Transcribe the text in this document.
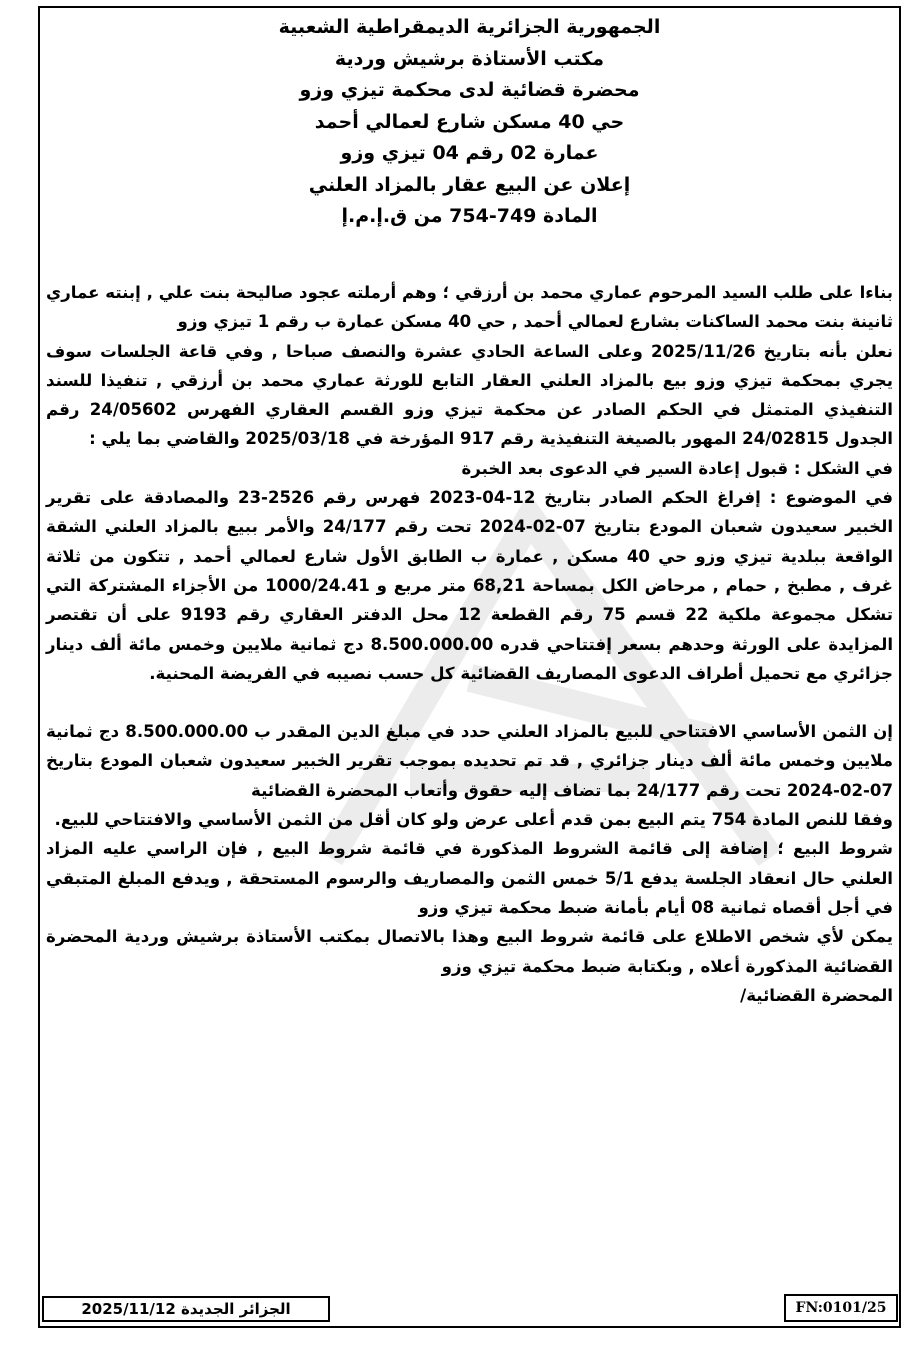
الجمهورية الجزائرية الديمقراطية الشعبية
مكتب الأستاذة برشيش وردية
محضرة قضائية لدى محكمة تيزي وزو
حي 40 مسكن شارع لعمالي أحمد
عمارة 02 رقم 04 تيزي وزو
إعلان عن البيع عقار بالمزاد العلني
المادة 749-754 من ق.إ.م.إ

بناءا على طلب السيد المرحوم عماري محمد بن أرزقي ؛ وهم أرملته عجود صاليحة بنت علي , إبنته عماري ثانينة بنت محمد الساكنات بشارع لعمالي أحمد , حي 40 مسكن عمارة ب رقم 1 تيزي وزو

نعلن بأنه بتاريخ 2025/11/26 وعلى الساعة الحادي عشرة والنصف صباحا , وفي قاعة الجلسات سوف يجري بمحكمة تيزي وزو بيع بالمزاد العلني العقار التابع للورثة عماري محمد بن أرزقي , تنفيذا للسند التنفيذي المتمثل في الحكم الصادر عن محكمة تيزي وزو القسم العقاري الفهرس 24/05602 رقم الجدول 24/02815 المهور بالصيغة التنفيذية رقم 917 المؤرخة في 2025/03/18 والقاضي بما يلي :

في الشكل : قبول إعادة السير في الدعوى بعد الخبرة

في الموضوع : إفراغ الحكم الصادر بتاريخ 12-04-2023 فهرس رقم 2526-23 والمصادقة على تقرير الخبير سعيدون شعبان المودع بتاريخ 07-02-2024 تحت رقم 24/177 والأمر ببيع بالمزاد العلني الشقة الواقعة ببلدية تيزي وزو حي 40 مسكن , عمارة ب الطابق الأول شارع لعمالي أحمد , تتكون من ثلاثة غرف , مطبخ , حمام , مرحاض الكل بمساحة 68,21 متر مربع و 1000/24.41 من الأجزاء المشتركة التي تشكل مجموعة ملكية 22 قسم 75 رقم القطعة 12 محل الدفتر العقاري رقم 9193 على أن تقتصر المزايدة على الورثة وحدهم بسعر إفتتاحي قدره 8.500.000.00 دج ثمانية ملايين وخمس مائة ألف دينار جزائري مع تحميل أطراف الدعوى المصاريف القضائية كل حسب نصيبه في الفريضة المحنية.

إن الثمن الأساسي الافتتاحي للبيع بالمزاد العلني حدد في مبلغ الدين المقدر ب 8.500.000.00 دج ثمانية ملايين وخمس مائة ألف دينار جزائري , قد تم تحديده بموجب تقرير الخبير سعيدون شعبان المودع بتاريخ 07-02-2024 تحت رقم 24/177 بما تضاف إليه حقوق وأتعاب المحضرة القضائية

وفقا للنص المادة 754 يتم البيع بمن قدم أعلى عرض ولو كان أقل من الثمن الأساسي والافتتاحي للبيع.

شروط البيع ؛ إضافة إلى قائمة الشروط المذكورة في قائمة شروط البيع , فإن الراسي عليه المزاد العلني حال انعقاد الجلسة يدفع 5/1 خمس الثمن والمصاريف والرسوم المستحقة , ويدفع المبلغ المتبقي في أجل أقصاه ثمانية 08 أيام بأمانة ضبط محكمة تيزي وزو

يمكن لأي شخص الاطلاع على قائمة شروط البيع وهذا بالاتصال بمكتب الأستاذة برشيش وردية المحضرة القضائية المذكورة أعلاه , وبكتابة ضبط محكمة تيزي وزو

المحضرة القضائية/

الجزائر الجديدة 2025/11/12	FN:0101/25
